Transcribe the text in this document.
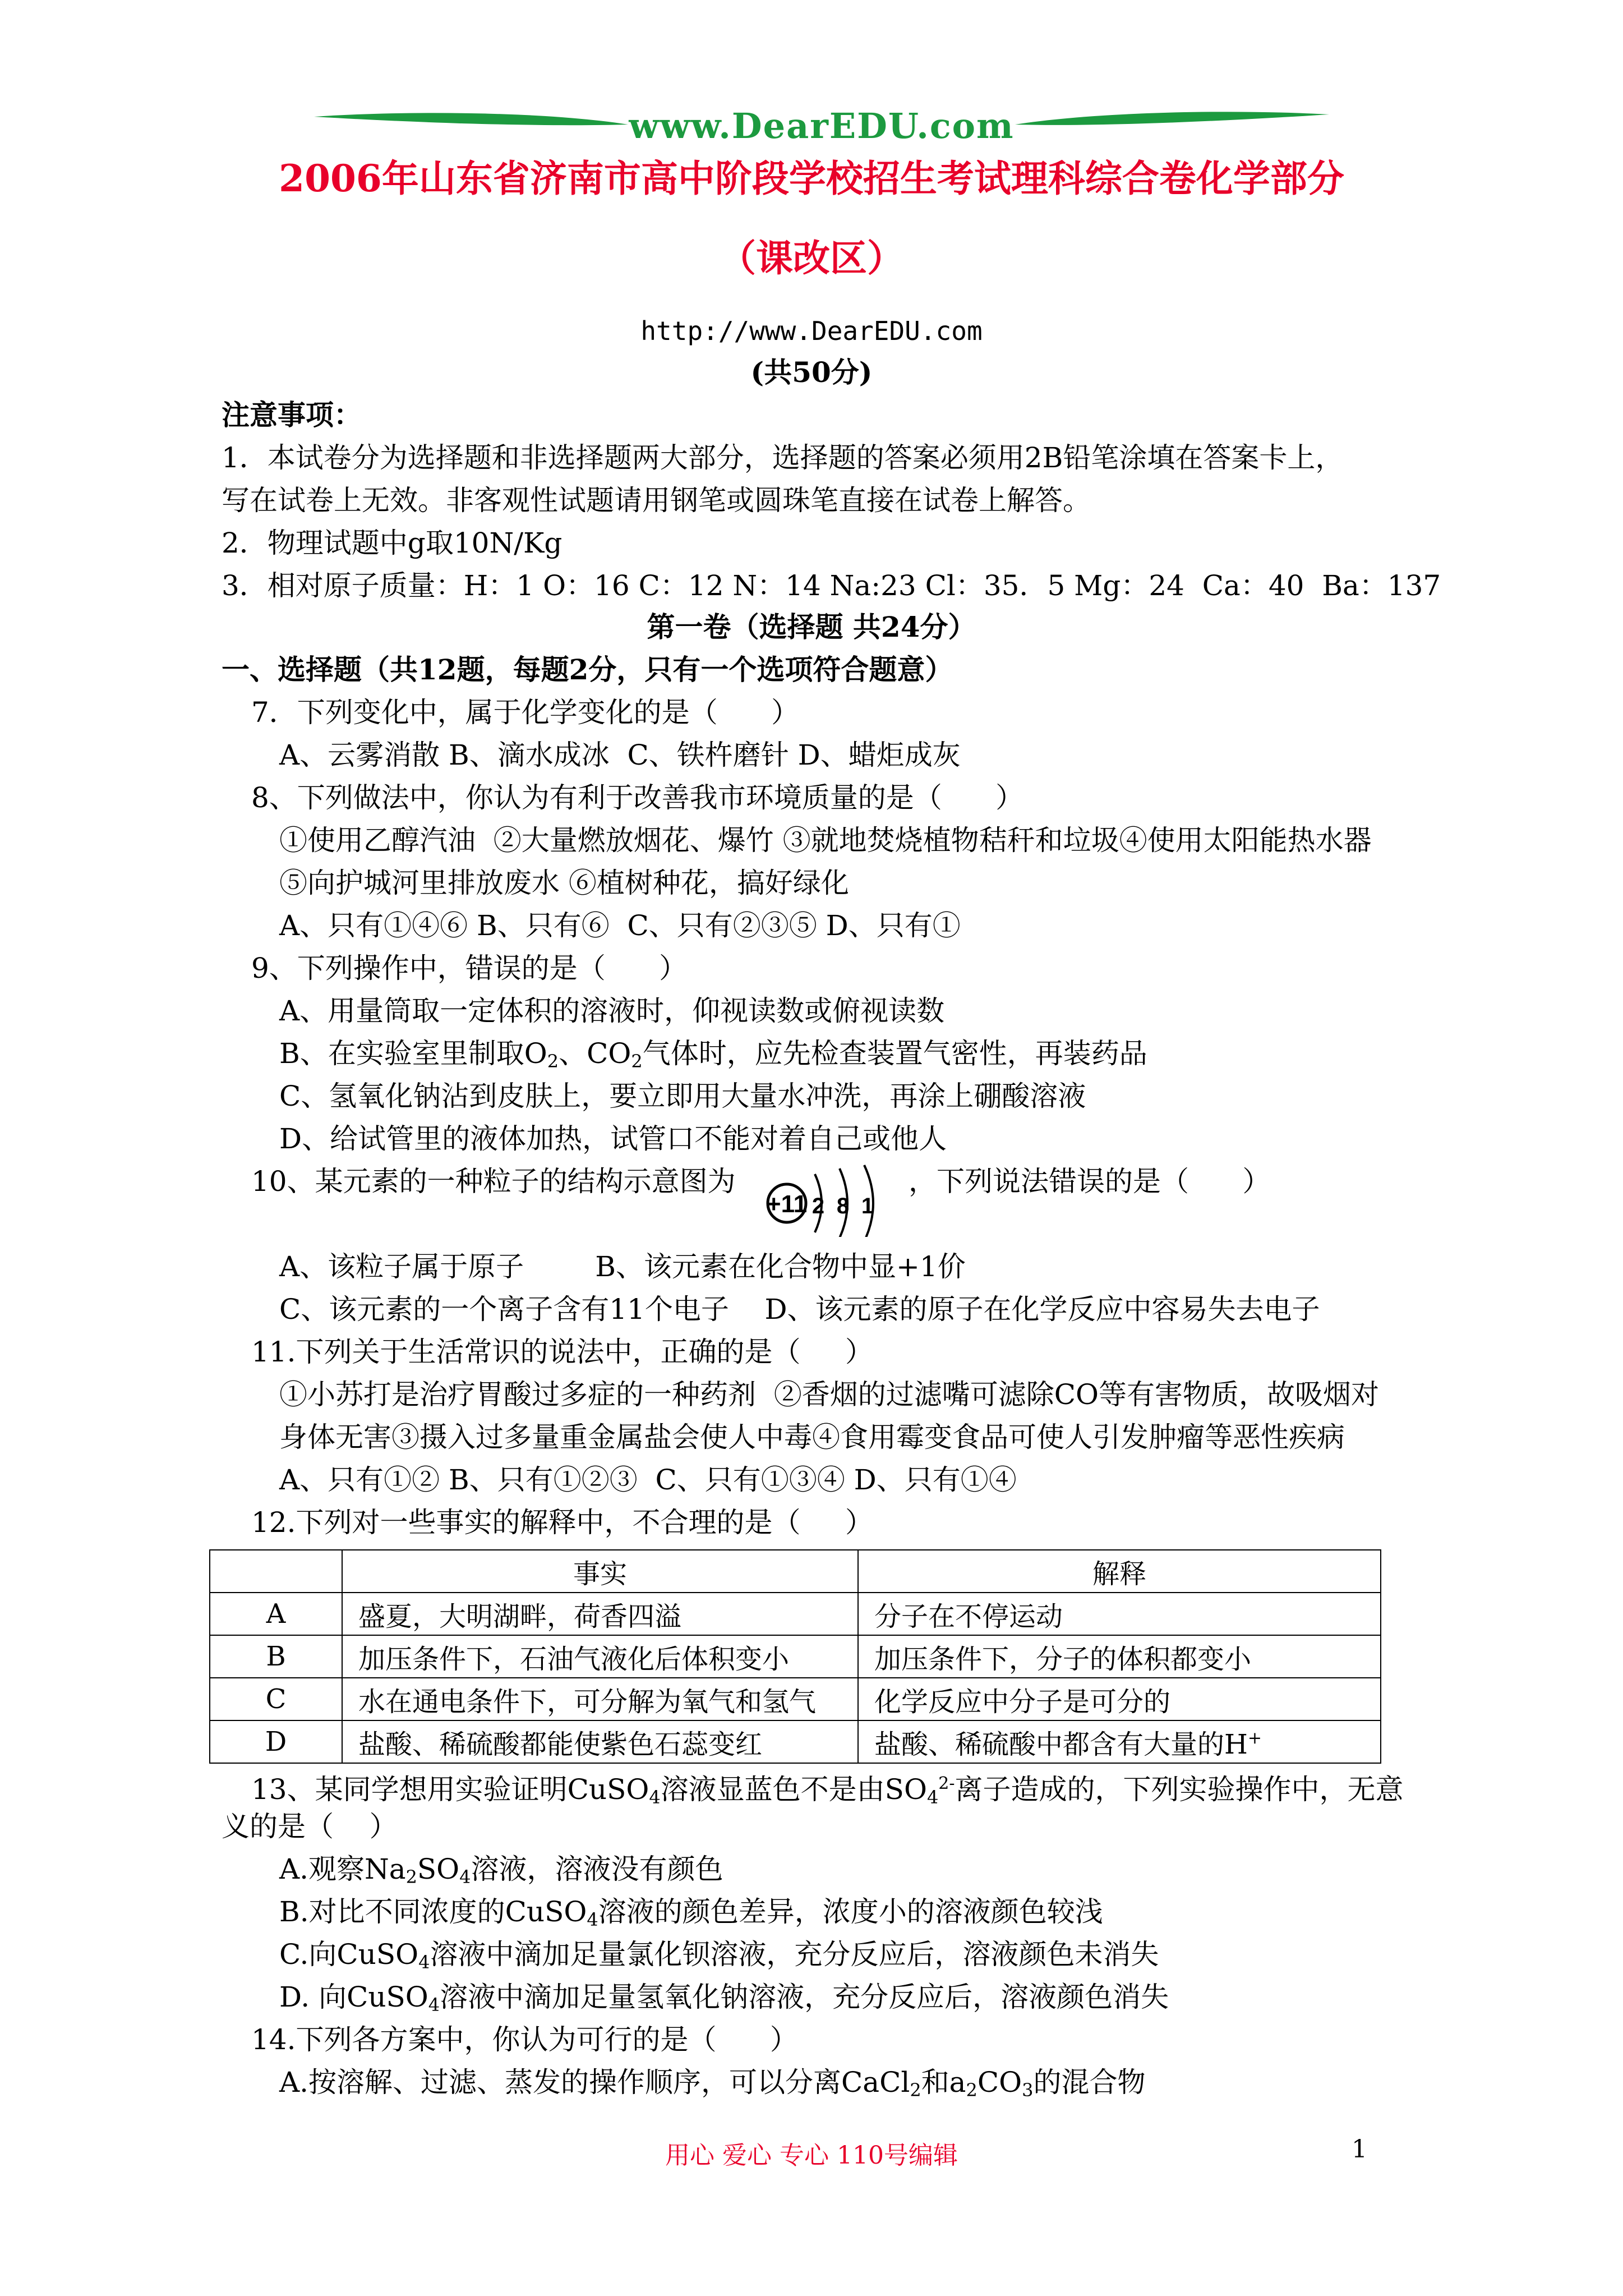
www.DearEDU.com
2006年山东省济南市高中阶段学校招生考试理科综合卷化学部分
（课改区）
http://www.DearEDU.com
(共50分)
注意事项：
1．本试卷分为选择题和非选择题两大部分，选择题的答案必须用2B铅笔涂填在答案卡上，
写在试卷上无效。非客观性试题请用钢笔或圆珠笔直接在试卷上解答。
2．物理试题中g取10N/Kg
3．相对原子质量：H：1 O：16 C：12 N：14 Na:23 Cl：35．5 Mg：24  Ca：40  Ba：137
第一卷（选择题 共24分）
一、选择题（共12题，每题2分，只有一个选项符合题意）
7．下列变化中，属于化学变化的是（      ）
A、云雾消散 B、滴水成冰  C、铁杵磨针 D、蜡炬成灰
8、下列做法中，你认为有利于改善我市环境质量的是（      ）
①使用乙醇汽油  ②大量燃放烟花、爆竹 ③就地焚烧植物秸秆和垃圾④使用太阳能热水器
⑤向护城河里排放废水 ⑥植树种花，搞好绿化
A、只有①④⑥ B、只有⑥  C、只有②③⑤ D、只有①
9、下列操作中，错误的是（      ）
A、用量筒取一定体积的溶液时，仰视读数或俯视读数
B、在实验室里制取$O_2$、$CO_2$气体时，应先检查装置气密性，再装药品
C、氢氧化钠沾到皮肤上，要立即用大量水冲洗，再涂上硼酸溶液
D、给试管里的液体加热，试管口不能对着自己或他人
10、某元素的一种粒子的结构示意图为
+11 2 8 1
，下列说法错误的是（      ）
A、该粒子属于原子        B、该元素在化合物中显+1价
C、该元素的一个离子含有11个电子    D、该元素的原子在化学反应中容易失去电子
11.下列关于生活常识的说法中，正确的是（     ）
①小苏打是治疗胃酸过多症的一种药剂  ②香烟的过滤嘴可滤除CO等有害物质，故吸烟对
身体无害③摄入过多量重金属盐会使人中毒④食用霉变食品可使人引发肿瘤等恶性疾病
A、只有①② B、只有①②③  C、只有①③④ D、只有①④
12.下列对一些事实的解释中，不合理的是（     ）
	事实	解释
A	盛夏，大明湖畔，荷香四溢	分子在不停运动
B	加压条件下，石油气液化后体积变小	加压条件下，分子的体积都变小
C	水在通电条件下，可分解为氧气和氢气	化学反应中分子是可分的
D	盐酸、稀硫酸都能使紫色石蕊变红	盐酸、稀硫酸中都含有大量的H+
13、某同学想用实验证明CuSO$_4$溶液显蓝色不是由$SO_4^{2-}$离子造成的，下列实验操作中，无意
义的是（    ）
A.观察$Na_2SO_4$溶液，溶液没有颜色
B.对比不同浓度的CuSO$_4$溶液的颜色差异，浓度小的溶液颜色较浅
C.向CuSO$_4$溶液中滴加足量氯化钡溶液，充分反应后，溶液颜色未消失
D. 向CuSO$_4$溶液中滴加足量氢氧化钠溶液，充分反应后，溶液颜色消失
14.下列各方案中，你认为可行的是（      ）
A.按溶解、过滤、蒸发的操作顺序，可以分离CaCl$_2$和$a_2CO_3$的混合物
用心 爱心 专心 110号编辑	1
